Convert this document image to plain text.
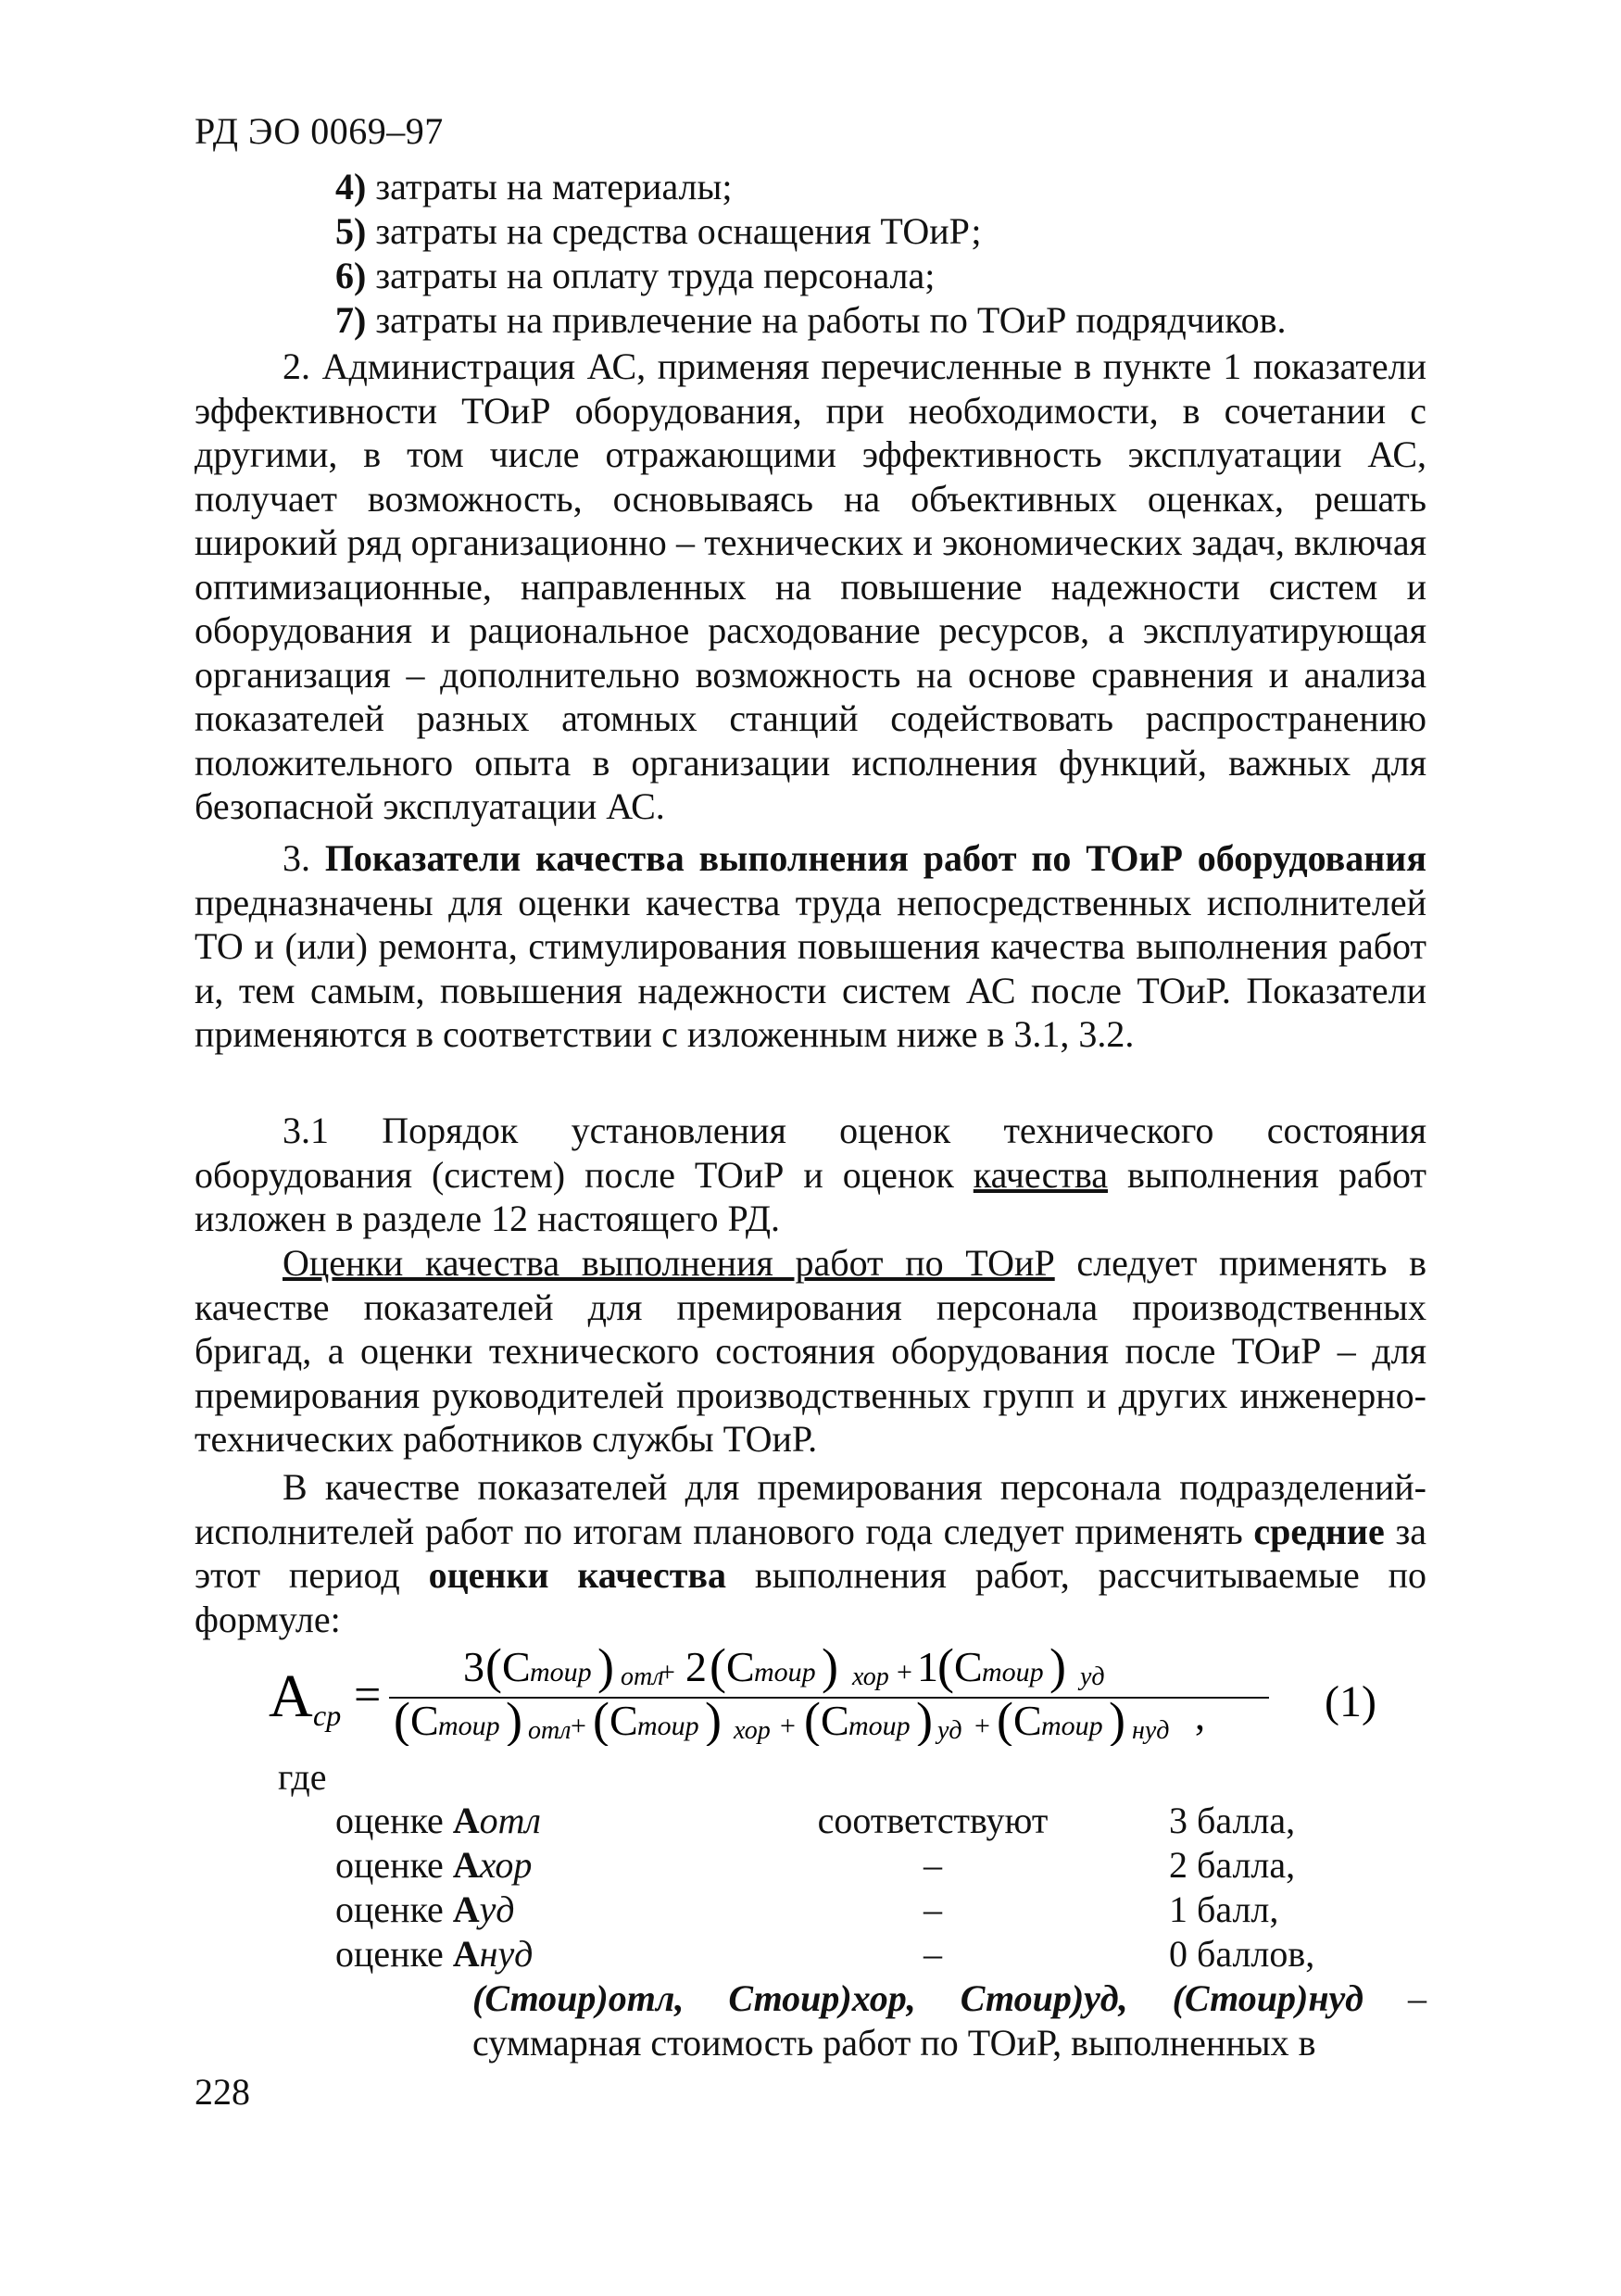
РД ЭО 0069–97
4) затраты на материалы;
5) затраты на средства оснащения ТОиР;
6) затраты на оплату труда персонала;
7) затраты на привлечение на работы по ТОиР подрядчиков.

2. Администрация АС, применяя перечисленные в пункте 1 показатели эффективности ТОиР оборудования, при необходимости, в сочетании с другими, в том числе отражающими эффективность эксплуатации АС, получает возможность, основываясь на объективных оценках, решать широкий ряд организационно – технических и экономических задач, включая оптимизационные, направленных на повышение надежности систем и оборудования и рациональное расходование ресурсов, а эксплуатирующая организация – дополнительно возможность на основе сравнения и анализа показателей разных атомных станций содействовать распространению положительного опыта в организации исполнения функций, важных для безопасной эксплуатации АС.

3. Показатели качества выполнения работ по ТОиР оборудования предназначены для оценки качества труда непосредственных исполнителей ТО и (или) ремонта, стимулирования повышения качества выполнения работ и, тем самым, повышения надежности систем АС после ТОиР. Показатели применяются в соответствии с изложенным ниже в 3.1, 3.2.

3.1 Порядок установления оценок технического состояния оборудования (систем) после ТОиР и оценок качества выполнения работ изложен в разделе 12 настоящего РД.

Оценки качества выполнения работ по ТОиР следует применять в качестве показателей для премирования персонала производственных бригад, а оценки технического состояния оборудования после ТОиР – для премирования руководителей производственных групп и других инженерно-технических работников службы ТОиР.

В качестве показателей для премирования персонала подразделений-исполнителей работ по итогам планового года следует применять средние за этот период оценки качества выполнения работ, рассчитываемые по формуле:

А ср =
3 ( С тоир ) отл
+ 2 ( С тоир ) хор + 1 ( С тоир ) уд
( С тоир ) отл + ( С тоир ) хор + ( С тоир ) уд + ( С тоир ) нуд ,	(1)
где
оценке Аотл	соответствуют	3 балла,
оценке Ахор	–	2 балла,
оценке Ауд	–	1 балл,
оценке Ануд	–	0 баллов,
(Стоир)отл, Стоир)хор, Стоир)уд, (Стоир)нуд – суммарная стоимость работ по ТОиР, выполненных в
228
